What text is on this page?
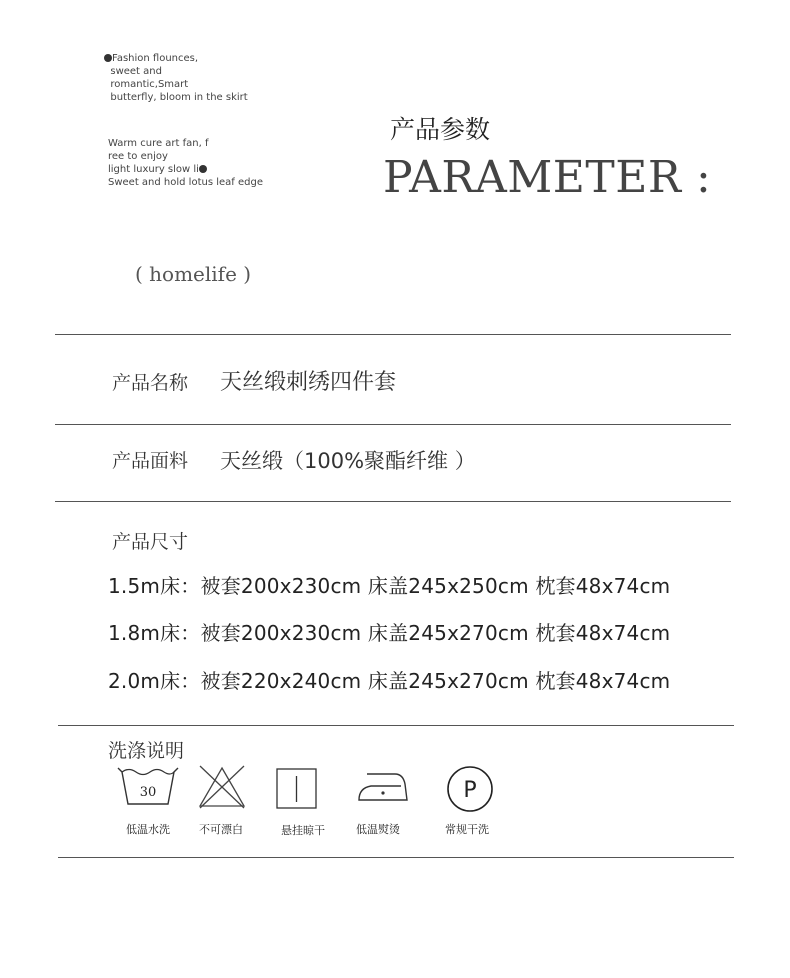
Fashion flounces,
sweet and
romantic,Smart
butterfly, bloom in the skirt
Warm cure art fan, f
ree to enjoy
light luxury slow li
Sweet and hold lotus leaf edge
( homelife )
产品参数
PARAMETER :
产品名称 天丝缎刺绣四件套
产品面料 天丝缎（100%聚酯纤维 ）
产品尺寸
1.5m床：被套200x230cm 床盖245x250cm 枕套48x74cm
1.8m床：被套200x230cm 床盖245x270cm 枕套48x74cm
2.0m床：被套220x240cm 床盖245x270cm 枕套48x74cm
洗涤说明
30
低温水洗	不可漂白	悬挂晾干	低温熨烫
P
常规干洗
